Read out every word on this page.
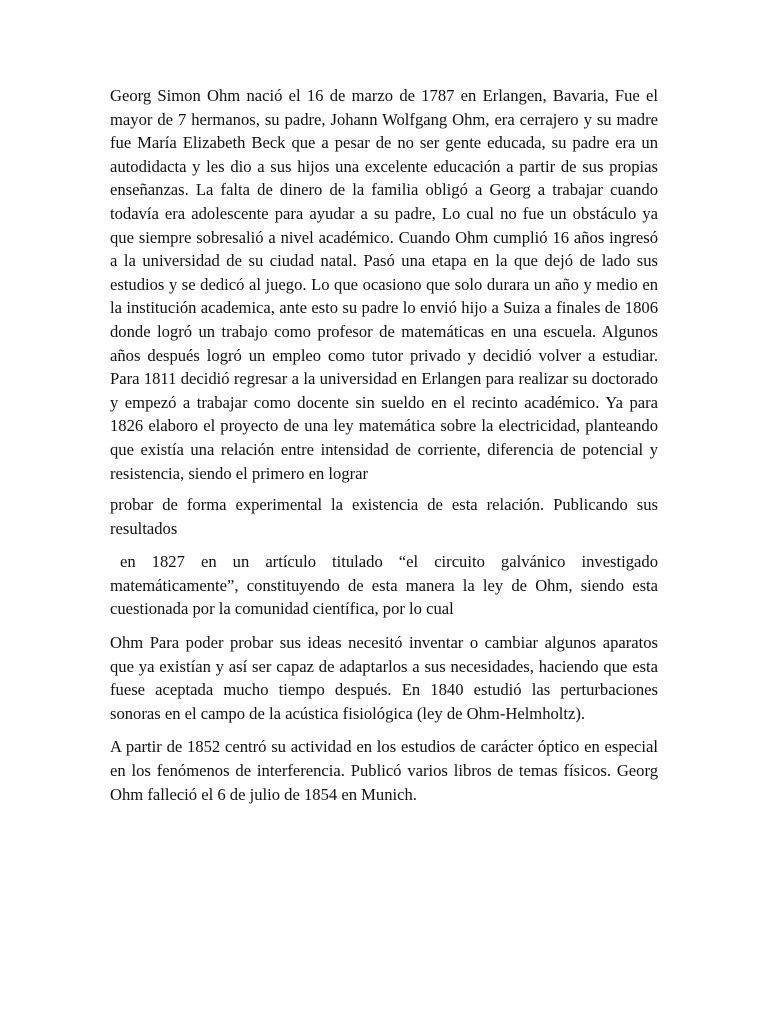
Georg Simon Ohm nació el 16 de marzo de 1787 en Erlangen, Bavaria, Fue el mayor de 7 hermanos, su padre, Johann Wolfgang Ohm, era cerrajero y su madre fue María Elizabeth Beck que a pesar de no ser gente educada, su padre era un autodidacta y les dio a sus hijos una excelente educación a partir de sus propias enseñanzas. La falta de dinero de la familia obligó a Georg a trabajar cuando todavía era adolescente para ayudar a su padre, Lo cual no fue un obstáculo ya que siempre sobresalió a nivel académico. Cuando Ohm cumplió 16 años ingresó a la universidad de su ciudad natal. Pasó una etapa en la que dejó de lado sus estudios y se dedicó al juego. Lo que ocasiono que solo durara un año y medio en la institución academica, ante esto su padre lo envió hijo a Suiza a finales de 1806 donde logró un trabajo como profesor de matemáticas en una escuela. Algunos años después logró un empleo como tutor privado y decidió volver a estudiar. Para 1811 decidió regresar a la universidad en Erlangen para realizar su doctorado y empezó a trabajar como docente sin sueldo en el recinto académico. Ya para 1826 elaboro el proyecto de una ley matemática sobre la electricidad, planteando que existía una relación entre intensidad de corriente, diferencia de potencial y resistencia, siendo el primero en lograr

probar de forma experimental la existencia de esta relación. Publicando sus resultados

en 1827 en un artículo titulado “el circuito galvánico investigado matemáticamente”, constituyendo de esta manera la ley de Ohm, siendo esta cuestionada por la comunidad científica, por lo cual

Ohm Para poder probar sus ideas necesitó inventar o cambiar algunos aparatos que ya existían y así ser capaz de adaptarlos a sus necesidades, haciendo que esta fuese aceptada mucho tiempo después. En 1840 estudió las perturbaciones sonoras en el campo de la acústica fisiológica (ley de Ohm-Helmholtz).

A partir de 1852 centró su actividad en los estudios de carácter óptico en especial en los fenómenos de interferencia. Publicó varios libros de temas físicos. Georg Ohm falleció el 6 de julio de 1854 en Munich.
